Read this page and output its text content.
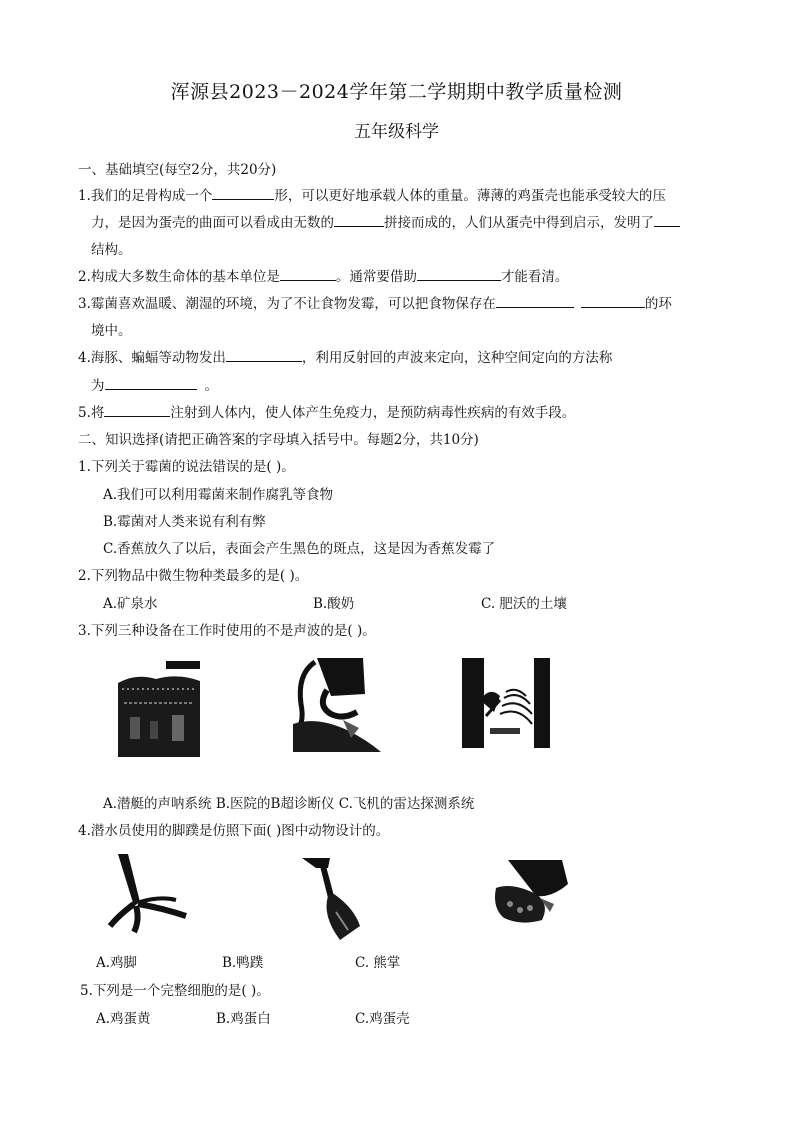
浑源县2023－2024学年第二学期期中教学质量检测
五年级科学
一、基础填空(每空2分，共20分)
1.我们的足骨构成一个	形，可以更好地承载人体的重量。薄薄的鸡蛋壳也能承受较大的压
力，是因为蛋壳的曲面可以看成由无数的	拼接而成的，人们从蛋壳中得到启示，发明了
结构。
2.构成大多数生命体的基本单位是	。通常要借助	才能看清。
3.霉菌喜欢温暖、潮湿的环境，为了不让食物发霉，可以把食物保存在	的环
境中。
4.海豚、蝙蝠等动物发出	，利用反射回的声波来定向，这种空间定向的方法称
为	。
5.将	注射到人体内，使人体产生免疫力，是预防病毒性疾病的有效手段。
二、知识选择(请把正确答案的字母填入括号中。每题2分，共10分)
1.下列关于霉菌的说法错误的是( )。
A.我们可以利用霉菌来制作腐乳等食物
B.霉菌对人类来说有利有弊
C.香蕉放久了以后，表面会产生黑色的斑点，这是因为香蕉发霉了
2.下列物品中微生物种类最多的是( )。
A.矿泉水	B.酸奶	C. 肥沃的土壤
3.下列三种设备在工作时使用的不是声波的是( )。
A.潜艇的声呐系统 B.医院的B超诊断仪 C.飞机的雷达探测系统
4.潜水员使用的脚蹼是仿照下面( )图中动物设计的。
A.鸡脚	B.鸭蹼	C. 熊掌
5.下列是一个完整细胞的是( )。
A.鸡蛋黄	B.鸡蛋白	C.鸡蛋壳
